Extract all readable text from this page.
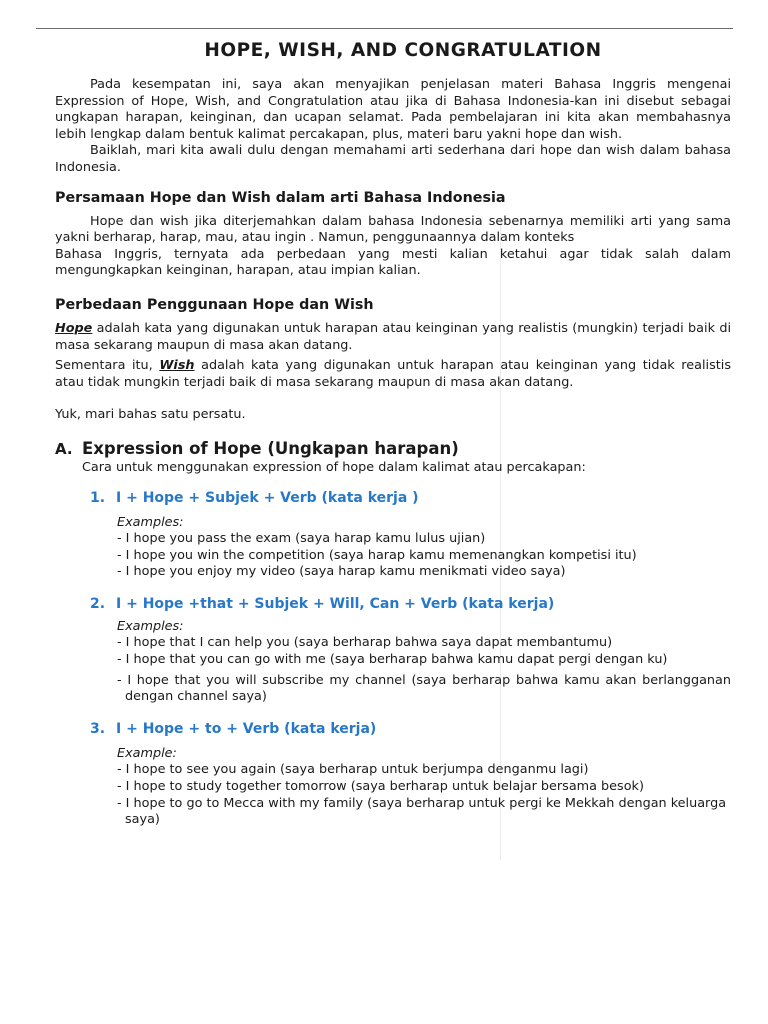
HOPE, WISH, AND CONGRATULATION

Pada kesempatan ini, saya akan menyajikan penjelasan materi Bahasa Inggris mengenai Expression of Hope, Wish, and Congratulation atau jika di Bahasa Indonesia-kan ini disebut sebagai ungkapan harapan, keinginan, dan ucapan selamat. Pada pembelajaran ini kita akan membahasnya lebih lengkap dalam bentuk kalimat percakapan, plus, materi baru yakni hope dan wish.

Baiklah, mari kita awali dulu dengan memahami arti sederhana dari hope dan wish dalam bahasa Indonesia.

Persamaan Hope dan Wish dalam arti Bahasa Indonesia

Hope dan wish jika diterjemahkan dalam bahasa Indonesia sebenarnya memiliki arti yang sama yakni berharap, harap, mau, atau ingin . Namun, penggunaannya dalam konteks

Bahasa Inggris, ternyata ada perbedaan yang mesti kalian ketahui agar tidak salah dalam mengungkapkan keinginan, harapan, atau impian kalian.

Perbedaan Penggunaan Hope dan Wish

Hope adalah kata yang digunakan untuk harapan atau keinginan yang realistis (mungkin) terjadi baik di masa sekarang maupun di masa akan datang.

Sementara itu, Wish adalah kata yang digunakan untuk harapan atau keinginan yang tidak realistis atau tidak mungkin terjadi baik di masa sekarang maupun di masa akan datang.

Yuk, mari bahas satu persatu.

A. Expression of Hope (Ungkapan harapan)

Cara untuk menggunakan expression of hope dalam kalimat atau percakapan:

1. I + Hope + Subjek + Verb (kata kerja )
Examples:
- I hope you pass the exam (saya harap kamu lulus ujian)
- I hope you win the competition (saya harap kamu memenangkan kompetisi itu)
- I hope you enjoy my video (saya harap kamu menikmati video saya)
2. I + Hope +that + Subjek + Will, Can + Verb (kata kerja)
Examples:
- I hope that I can help you (saya berharap bahwa saya dapat membantumu)
- I hope that you can go with me (saya berharap bahwa kamu dapat pergi dengan ku)
- I hope that you will subscribe my channel (saya berharap bahwa kamu akan berlangganan dengan channel saya)
3. I + Hope + to + Verb (kata kerja)
Example:
- I hope to see you again (saya berharap untuk berjumpa denganmu lagi)
- I hope to study together tomorrow (saya berharap untuk belajar bersama besok)
- I hope to go to Mecca with my family (saya berharap untuk pergi ke Mekkah dengan keluarga saya)
